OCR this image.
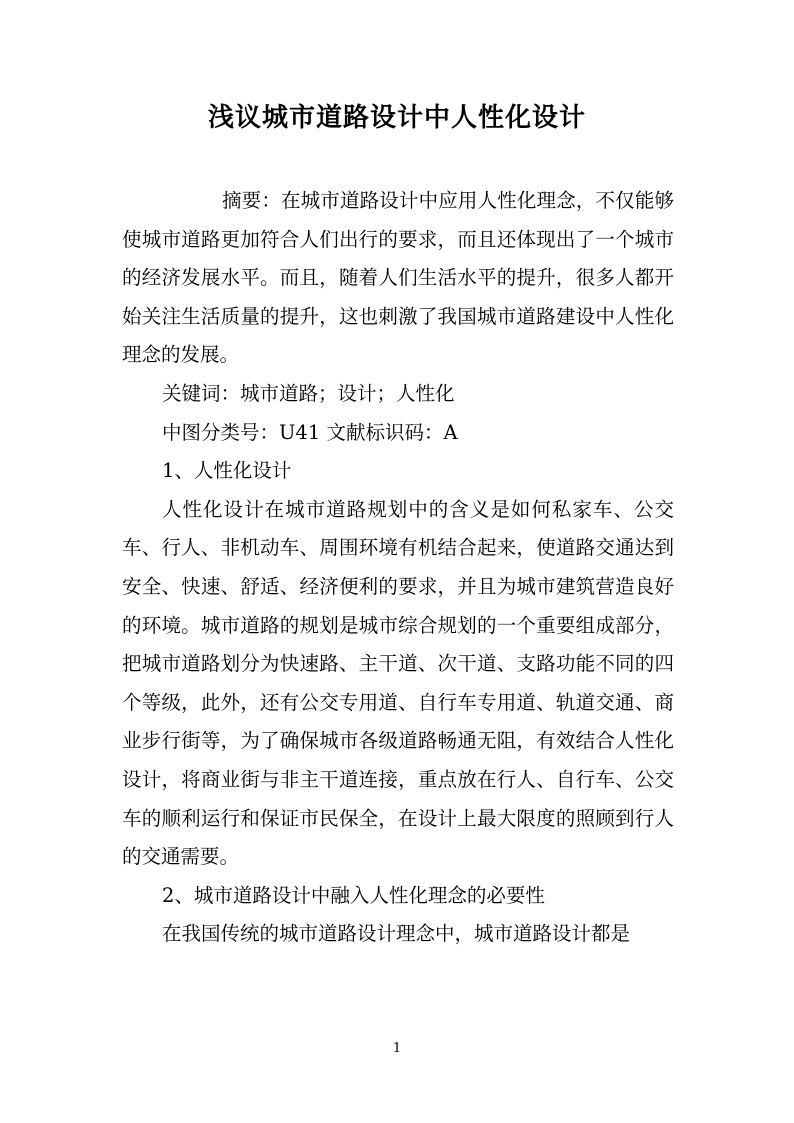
浅议城市道路设计中人性化设计

摘要：在城市道路设计中应用人性化理念，不仅能够使城市道路更加符合人们出行的要求，而且还体现出了一个城市的经济发展水平。而且，随着人们生活水平的提升，很多人都开始关注生活质量的提升，这也刺激了我国城市道路建设中人性化理念的发展。

关键词：城市道路；设计；人性化

中图分类号：U41 文献标识码：A

1、人性化设计

人性化设计在城市道路规划中的含义是如何私家车、公交车、行人、非机动车、周围环境有机结合起来，使道路交通达到安全、快速、舒适、经济便利的要求，并且为城市建筑营造良好的环境。城市道路的规划是城市综合规划的一个重要组成部分，把城市道路划分为快速路、主干道、次干道、支路功能不同的四个等级，此外，还有公交专用道、自行车专用道、轨道交通、商业步行街等，为了确保城市各级道路畅通无阻，有效结合人性化设计，将商业街与非主干道连接，重点放在行人、自行车、公交车的顺利运行和保证市民保全，在设计上最大限度的照顾到行人的交通需要。

2、城市道路设计中融入人性化理念的必要性

在我国传统的城市道路设计理念中，城市道路设计都是

1
